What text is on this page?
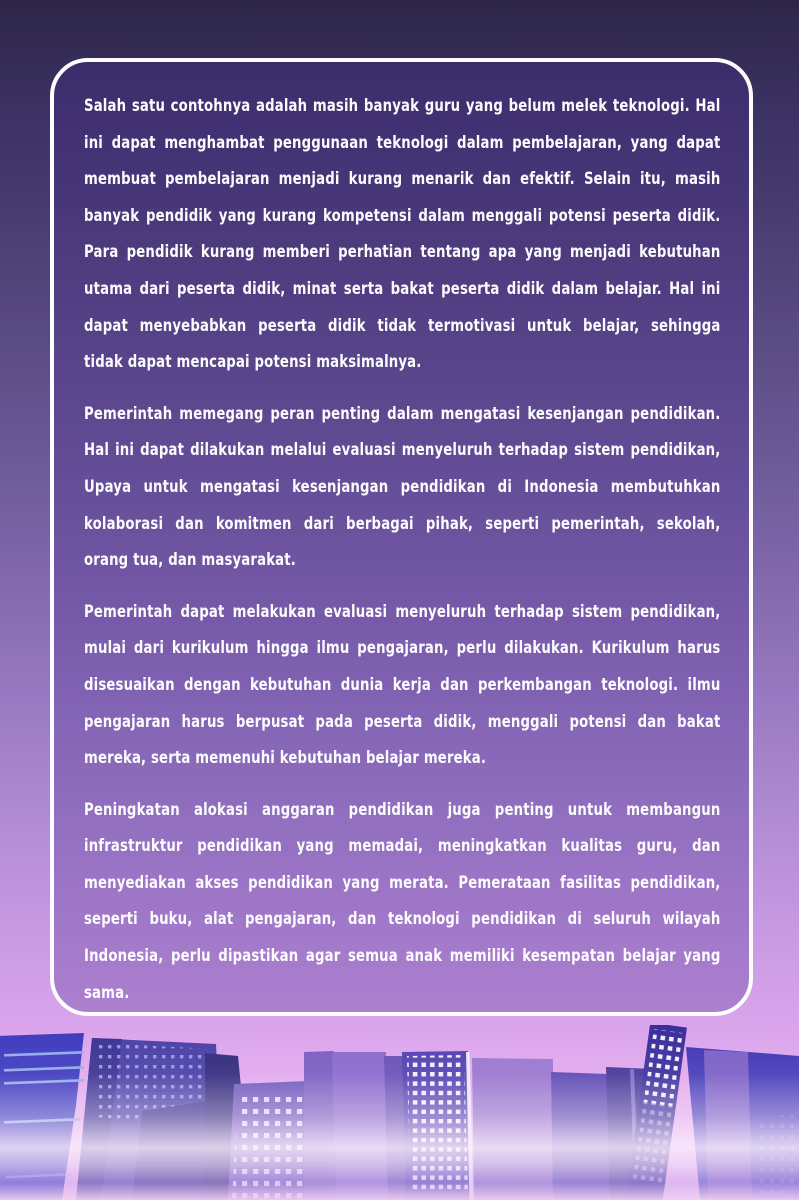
Salah satu contohnya adalah masih banyak guru yang belum melek teknologi. Hal
ini dapat menghambat penggunaan teknologi dalam pembelajaran, yang dapat
membuat pembelajaran menjadi kurang menarik dan efektif. Selain itu, masih
banyak pendidik yang kurang kompetensi dalam menggali potensi peserta didik.
Para pendidik kurang memberi perhatian tentang apa yang menjadi kebutuhan
utama dari peserta didik, minat serta bakat peserta didik dalam belajar. Hal ini
dapat menyebabkan peserta didik tidak termotivasi untuk belajar, sehingga
tidak dapat mencapai potensi maksimalnya.
Pemerintah memegang peran penting dalam mengatasi kesenjangan pendidikan.
Hal ini dapat dilakukan melalui evaluasi menyeluruh terhadap sistem pendidikan,
Upaya untuk mengatasi kesenjangan pendidikan di Indonesia membutuhkan
kolaborasi dan komitmen dari berbagai pihak, seperti pemerintah, sekolah,
orang tua, dan masyarakat.
Pemerintah dapat melakukan evaluasi menyeluruh terhadap sistem pendidikan,
mulai dari kurikulum hingga ilmu pengajaran, perlu dilakukan. Kurikulum harus
disesuaikan dengan kebutuhan dunia kerja dan perkembangan teknologi. ilmu
pengajaran harus berpusat pada peserta didik, menggali potensi dan bakat
mereka, serta memenuhi kebutuhan belajar mereka.
Peningkatan alokasi anggaran pendidikan juga penting untuk membangun
infrastruktur pendidikan yang memadai, meningkatkan kualitas guru, dan
menyediakan akses pendidikan yang merata. Pemerataan fasilitas pendidikan,
seperti buku, alat pengajaran, dan teknologi pendidikan di seluruh wilayah
Indonesia, perlu dipastikan agar semua anak memiliki kesempatan belajar yang
sama.
